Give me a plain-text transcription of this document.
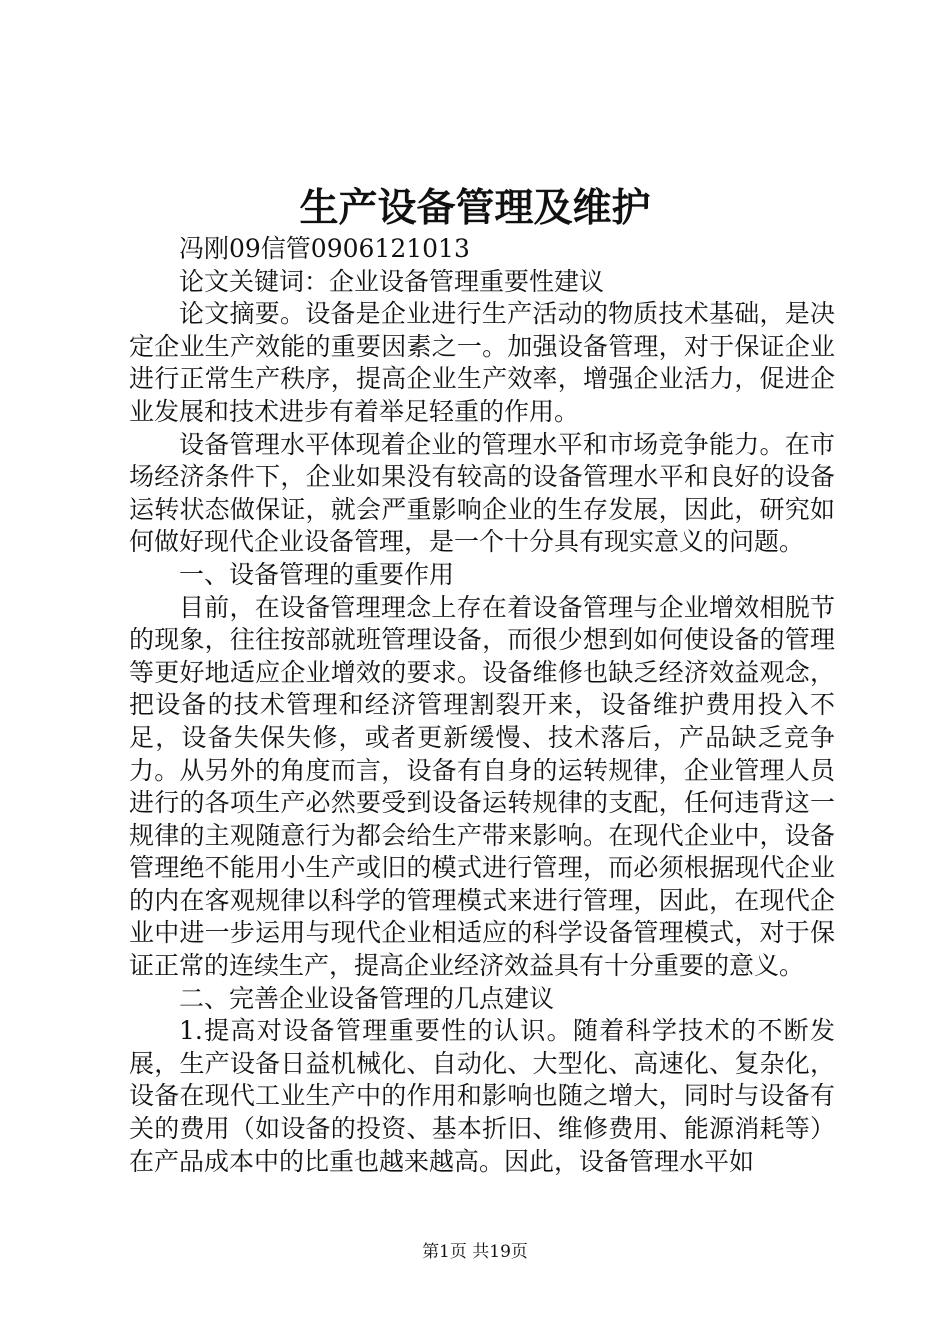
生产设备管理及维护

冯刚09信管0906121013

论文关键词：企业设备管理重要性建议

论文摘要。设备是企业进行生产活动的物质技术基础，是决定企业生产效能的重要因素之一。加强设备管理，对于保证企业进行正常生产秩序，提高企业生产效率，增强企业活力，促进企业发展和技术进步有着举足轻重的作用。

设备管理水平体现着企业的管理水平和市场竞争能力。在市场经济条件下，企业如果没有较高的设备管理水平和良好的设备运转状态做保证，就会严重影响企业的生存发展，因此，研究如何做好现代企业设备管理，是一个十分具有现实意义的问题。

一、设备管理的重要作用

目前，在设备管理理念上存在着设备管理与企业增效相脱节的现象，往往按部就班管理设备，而很少想到如何使设备的管理等更好地适应企业增效的要求。设备维修也缺乏经济效益观念，把设备的技术管理和经济管理割裂开来，设备维护费用投入不足，设备失保失修，或者更新缓慢、技术落后，产品缺乏竞争力。从另外的角度而言，设备有自身的运转规律，企业管理人员进行的各项生产必然要受到设备运转规律的支配，任何违背这一规律的主观随意行为都会给生产带来影响。在现代企业中，设备管理绝不能用小生产或旧的模式进行管理，而必须根据现代企业的内在客观规律以科学的管理模式来进行管理，因此，在现代企业中进一步运用与现代企业相适应的科学设备管理模式，对于保证正常的连续生产，提高企业经济效益具有十分重要的意义。

二、完善企业设备管理的几点建议

1.提高对设备管理重要性的认识。随着科学技术的不断发展，生产设备日益机械化、自动化、大型化、高速化、复杂化，设备在现代工业生产中的作用和影响也随之增大，同时与设备有关的费用（如设备的投资、基本折旧、维修费用、能源消耗等）在产品成本中的比重也越来越高。因此，设备管理水平如

第1页 共19页
